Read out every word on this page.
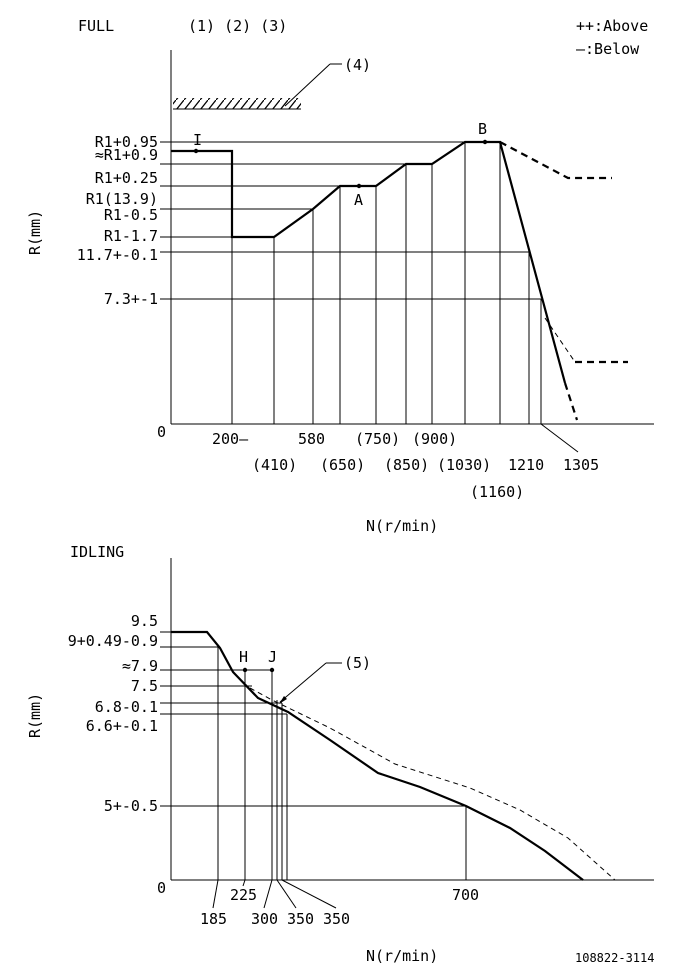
FULL	(1) (2) (3)	++:Above
—:Below
(4)
I
A
B
R1+0.95
≈R1+0.9
R1+0.25
R1(13.9)
R1-0.5
R1-1.7
11.7+-0.1
7.3+-1
R(mm)
0	200—	580 (750) (900)
1210 1305
(410) (650) (850) (1030)
(1160)
N(r/min)
IDLING
H J	(5)
9.5
9+0.49-0.9
≈7.9
7.5
6.8-0.1
6.6+-0.1
5+-0.5
R(mm)
0
185
225
300 350 350
700
N(r/min)	108822-3114
